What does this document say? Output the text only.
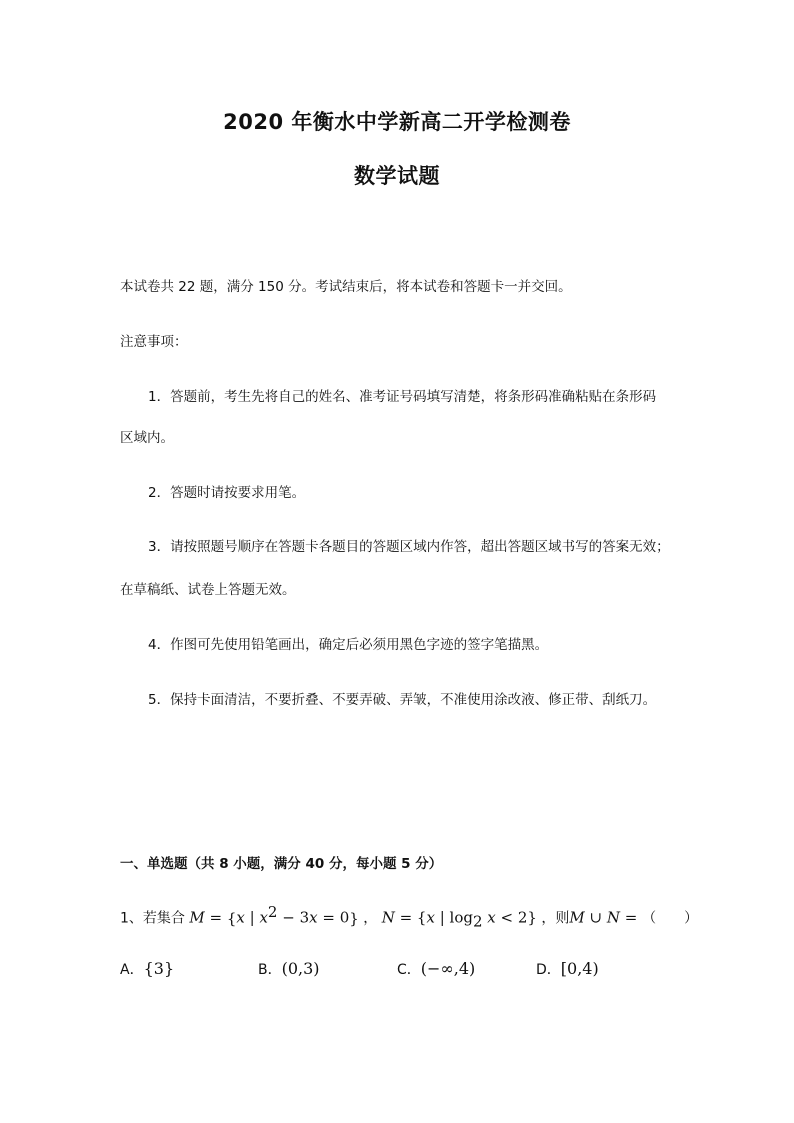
2020 年衡水中学新高二开学检测卷
数学试题
本试卷共 22 题，满分 150 分。考试结束后，将本试卷和答题卡一并交回。
注意事项：
1．答题前，考生先将自己的姓名、准考证号码填写清楚，将条形码准确粘贴在条形码
区域内。
2．答题时请按要求用笔。
3．请按照题号顺序在答题卡各题目的答题区域内作答，超出答题区域书写的答案无效；
在草稿纸、试卷上答题无效。
4．作图可先使用铅笔画出，确定后必须用黑色字迹的签字笔描黑。
5．保持卡面清洁，不要折叠、不要弄破、弄皱，不准使用涂改液、修正带、刮纸刀。
一、单选题（共 8 小题，满分 40 分，每小题 5 分）
1、若集合 M = {x | $x^2 - 3x = 0$} ， N = {x | $\log_2 x < 2$} ，则M ∪ N = （　　）
A．{3}	B．(0,3)	C．(−∞,4)	D．[0,4)
